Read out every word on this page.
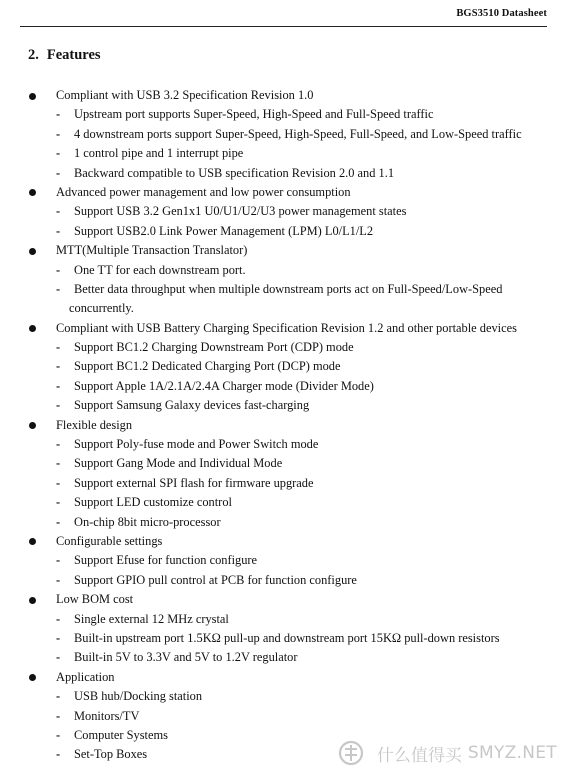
BGS3510 Datasheet
2. Features
Compliant with USB 3.2 Specification Revision 1.0
- Upstream port supports Super-Speed, High-Speed and Full-Speed traffic
- 4 downstream ports support Super-Speed, High-Speed, Full-Speed, and Low-Speed traffic
- 1 control pipe and 1 interrupt pipe
- Backward compatible to USB specification Revision 2.0 and 1.1
Advanced power management and low power consumption
- Support USB 3.2 Gen1x1 U0/U1/U2/U3 power management states
- Support USB2.0 Link Power Management (LPM) L0/L1/L2
MTT(Multiple Transaction Translator)
- One TT for each downstream port.
- Better data throughput when multiple downstream ports act on Full-Speed/Low-Speed
concurrently.
Compliant with USB Battery Charging Specification Revision 1.2 and other portable devices
- Support BC1.2 Charging Downstream Port (CDP) mode
- Support BC1.2 Dedicated Charging Port (DCP) mode
- Support Apple 1A/2.1A/2.4A Charger mode (Divider Mode)
- Support Samsung Galaxy devices fast-charging
Flexible design
- Support Poly-fuse mode and Power Switch mode
- Support Gang Mode and Individual Mode
- Support external SPI flash for firmware upgrade
- Support LED customize control
- On-chip 8bit micro-processor
Configurable settings
- Support Efuse for function configure
- Support GPIO pull control at PCB for function configure
Low BOM cost
- Single external 12 MHz crystal
- Built-in upstream port 1.5KΩ pull-up and downstream port 15KΩ pull-down resistors
- Built-in 5V to 3.3V and 5V to 1.2V regulator
Application
- USB hub/Docking station
- Monitors/TV
- Computer Systems
- Set-Top Boxes	什么值得买 SMYZ.NET
